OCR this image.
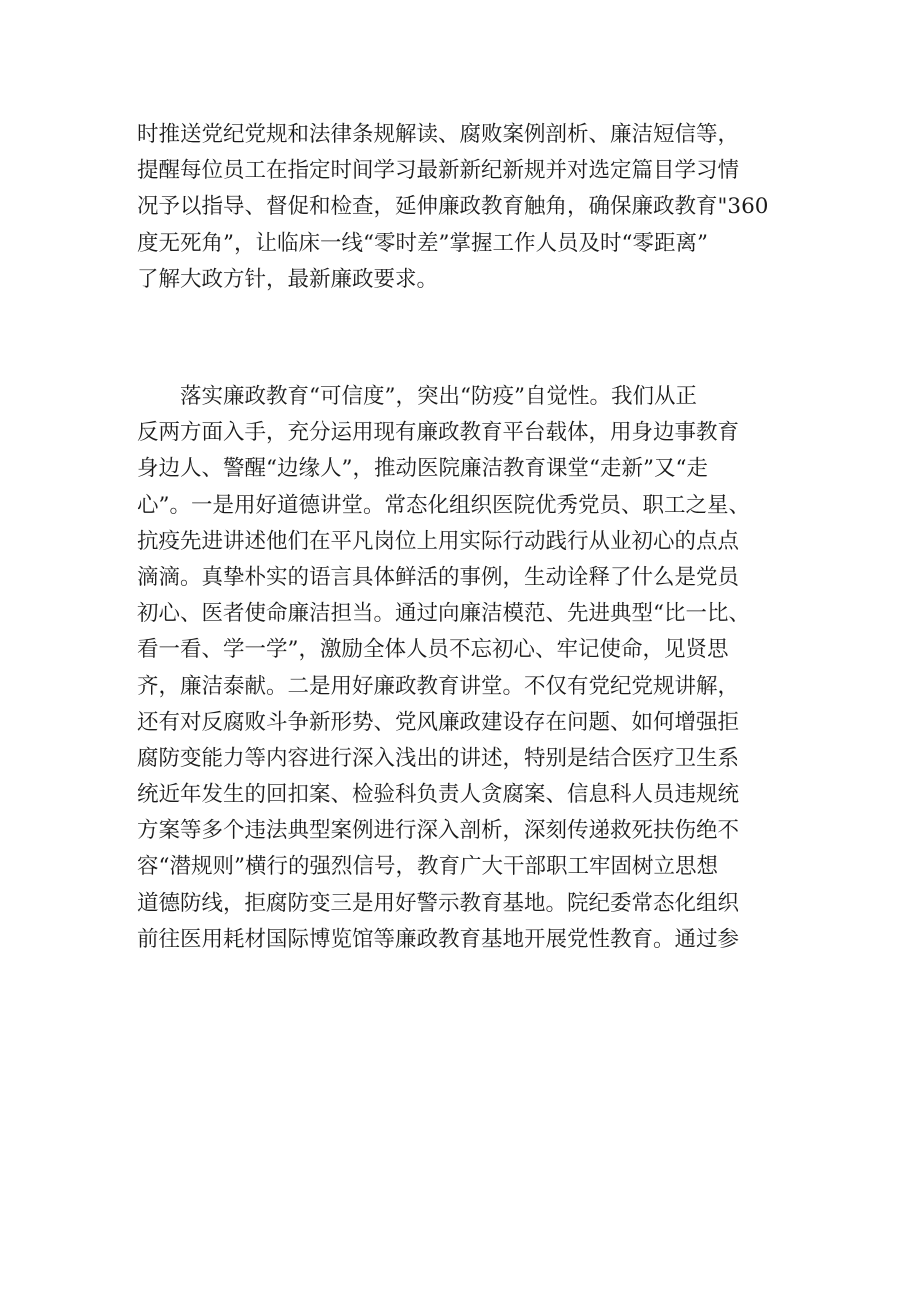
时推送党纪党规和法律条规解读、腐败案例剖析、廉洁短信等，
提醒每位员工在指定时间学习最新新纪新规并对选定篇目学习情
况予以指导、督促和检查，延伸廉政教育触角，确保廉政教育"360
度无死角”，让临床一线“零时差”掌握工作人员及时“零距离”
了解大政方针，最新廉政要求。
落实廉政教育“可信度”，突出“防疫”自觉性。我们从正
反两方面入手，充分运用现有廉政教育平台载体，用身边事教育
身边人、警醒“边缘人”，推动医院廉洁教育课堂“走新”又“走
心”。一是用好道德讲堂。常态化组织医院优秀党员、职工之星、
抗疫先进讲述他们在平凡岗位上用实际行动践行从业初心的点点
滴滴。真挚朴实的语言具体鲜活的事例，生动诠释了什么是党员
初心、医者使命廉洁担当。通过向廉洁模范、先进典型“比一比、
看一看、学一学”，激励全体人员不忘初心、牢记使命，见贤思
齐，廉洁泰献。二是用好廉政教育讲堂。不仅有党纪党规讲解，
还有对反腐败斗争新形势、党风廉政建设存在问题、如何增强拒
腐防变能力等内容进行深入浅出的讲述，特别是结合医疗卫生系
统近年发生的回扣案、检验科负责人贪腐案、信息科人员违规统
方案等多个违法典型案例进行深入剖析，深刻传递救死扶伤绝不
容“潜规则”横行的强烈信号，教育广大干部职工牢固树立思想
道德防线，拒腐防变三是用好警示教育基地。院纪委常态化组织
前往医用耗材国际博览馆等廉政教育基地开展党性教育。通过参
